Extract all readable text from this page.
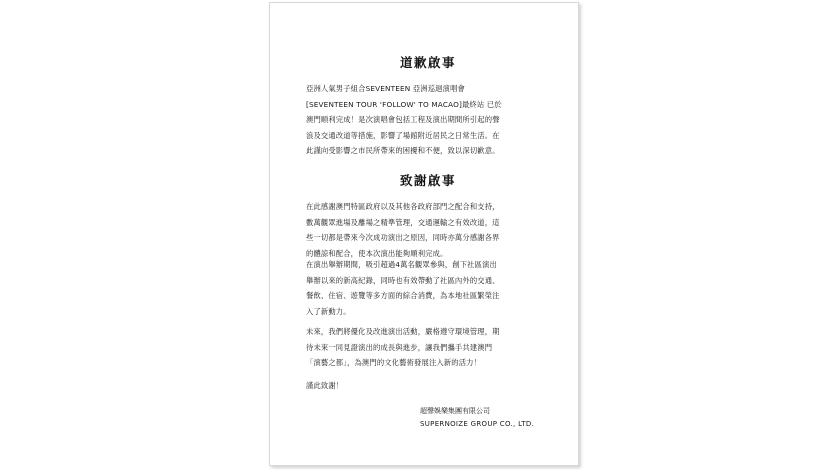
道歉啟事
亞洲人氣男子組合SEVENTEEN 亞洲巡迴演唱會
[SEVENTEEN TOUR 'FOLLOW' TO MACAO]最終站 已於
澳門順利完成！是次演唱會包括工程及演出期間所引起的聲
浪及交通改道等措施，影響了場館附近居民之日常生活。在
此謹向受影響之市民所帶來的困擾和不便，致以深切歉意。
致謝啟事
在此感謝澳門特區政府以及其他各政府部門之配合和支持，
數萬觀眾進場及離場之精準管理，交通運輸之有效改道，這
些一切都是帶來今次成功演出之原因，同時亦萬分感謝各界
的體諒和配合，使本次演出能夠順利完成。
在演出舉辦期間，吸引超過4萬名觀眾參與，創下社區演出
舉辦以來的新高紀錄，同時也有效帶動了社區內外的交通、
餐飲、住宿、遊覽等多方面的綜合消費，為本地社區繁榮注
入了新動力。
未來，我們將優化及改進演出活動，嚴格遵守環境管理，期
待未來一同見證演出的成長與進步，讓我們攜手共建澳門
「演藝之都」，為澳門的文化藝術發展注入新的活力！
謹此致謝！
超聲娛樂集團有限公司
SUPERNOIZE GROUP CO., LTD.
